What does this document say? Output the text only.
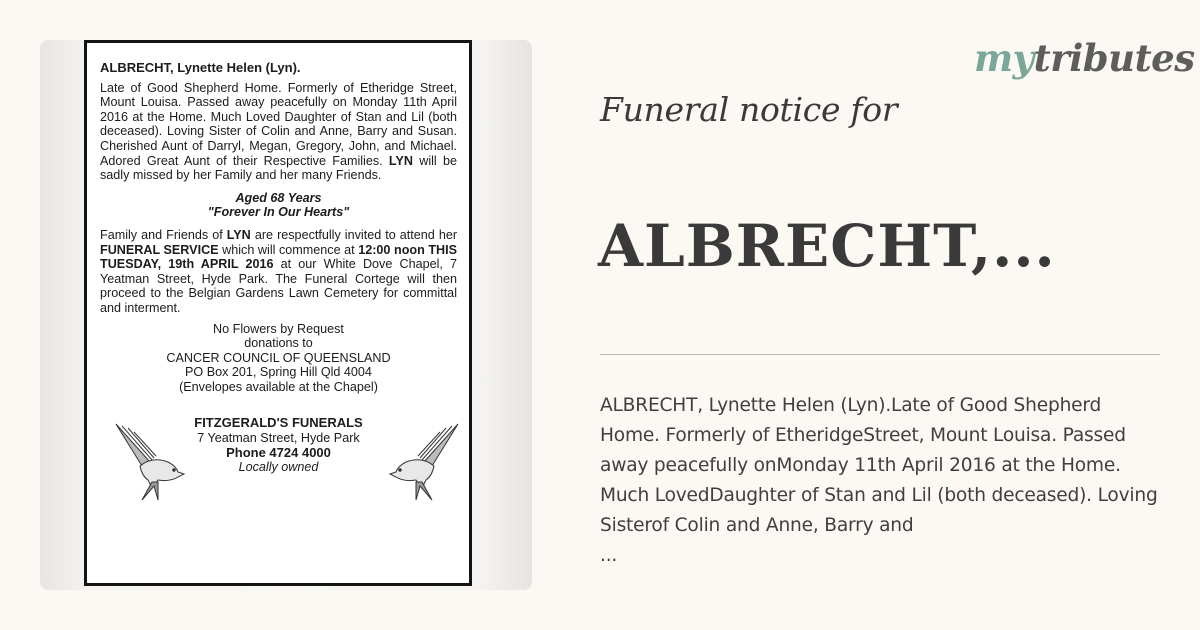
ALBRECHT, Lynette Helen (Lyn).

Late of Good Shepherd Home. Formerly of Etheridge Street, Mount Louisa. Passed away peacefully on Monday 11th April 2016 at the Home. Much Loved Daughter of Stan and Lil (both deceased). Loving Sister of Colin and Anne, Barry and Susan. Cherished Aunt of Darryl, Megan, Gregory, John, and Michael. Adored Great Aunt of their Respective Families. LYN will be sadly missed by her Family and her many Friends.

Aged 68 Years

"Forever In Our Hearts"

Family and Friends of LYN are respectfully invited to attend her FUNERAL SERVICE which will commence at 12:00 noon THIS TUESDAY, 19th APRIL 2016 at our White Dove Chapel, 7 Yeatman Street, Hyde Park. The Funeral Cortege will then proceed to the Belgian Gardens Lawn Cemetery for committal and interment.

No Flowers by Request

donations to

CANCER COUNCIL OF QUEENSLAND

PO Box 201, Spring Hill Qld 4004

(Envelopes available at the Chapel)

FITZGERALD'S FUNERALS

7 Yeatman Street, Hyde Park

Phone 4724 4000

Locally owned

mytributes
Funeral notice for
ALBRECHT,...
ALBRECHT, Lynette Helen (Lyn).Late of Good Shepherd Home. Formerly of EtheridgeStreet, Mount Louisa. Passed away peacefully onMonday 11th April 2016 at the Home. Much LovedDaughter of Stan and Lil (both deceased). Loving Sisterof Colin and Anne, Barry and
...
